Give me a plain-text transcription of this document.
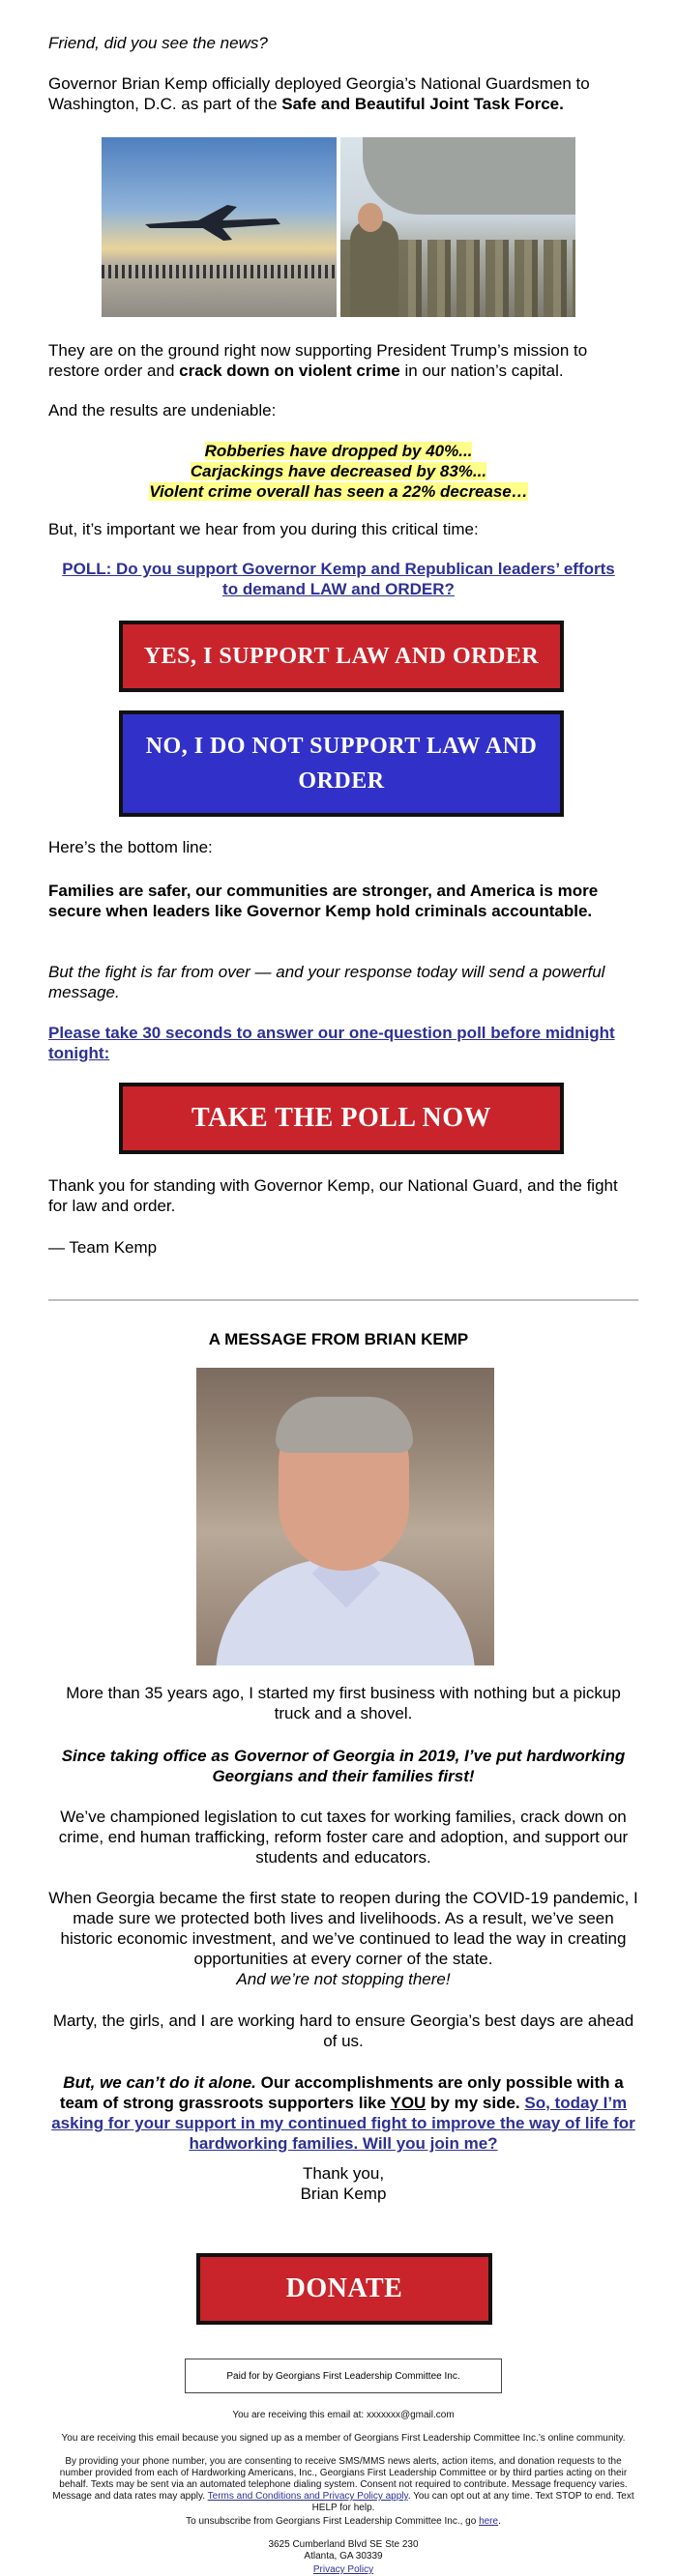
Friend, did you see the news?

Governor Brian Kemp officially deployed Georgia’s National Guardsmen to Washington, D.C. as part of the Safe and Beautiful Joint Task Force.

They are on the ground right now supporting President Trump’s mission to restore order and crack down on violent crime in our nation’s capital.

And the results are undeniable:

Robberies have dropped by 40%...
Carjackings have decreased by 83%...
Violent crime overall has seen a 22% decrease…

But, it’s important we hear from you during this critical time:

POLL: Do you support Governor Kemp and Republican leaders’ efforts to demand LAW and ORDER?
YES, I SUPPORT LAW AND ORDER
NO, I DO NOT SUPPORT LAW AND ORDER

Here’s the bottom line:

Families are safer, our communities are stronger, and America is more secure when leaders like Governor Kemp hold criminals accountable.

But the fight is far from over — and your response today will send a powerful message.

Please take 30 seconds to answer our one-question poll before midnight tonight:
TAKE THE POLL NOW

Thank you for standing with Governor Kemp, our National Guard, and the fight for law and order.

— Team Kemp

A MESSAGE FROM BRIAN KEMP

More than 35 years ago, I started my first business with nothing but a pickup truck and a shovel.

Since taking office as Governor of Georgia in 2019, I’ve put hardworking Georgians and their families first!

We’ve championed legislation to cut taxes for working families, crack down on crime, end human trafficking, reform foster care and adoption, and support our students and educators.

When Georgia became the first state to reopen during the COVID-19 pandemic, I made sure we protected both lives and livelihoods. As a result, we’ve seen historic economic investment, and we’ve continued to lead the way in creating opportunities at every corner of the state.

And we’re not stopping there!

Marty, the girls, and I are working hard to ensure Georgia’s best days are ahead of us.

But, we can’t do it alone. Our accomplishments are only possible with a team of strong grassroots supporters like YOU by my side. So, today I’m asking for your support in my continued fight to improve the way of life for hardworking families. Will you join me?

Thank you,
Brian Kemp

DONATE
Paid for by Georgians First Leadership Committee Inc.
You are receiving this email at: xxxxxxx@gmail.com
You are receiving this email because you signed up as a member of Georgians First Leadership Committee Inc.’s online community.
By providing your phone number, you are consenting to receive SMS/MMS news alerts, action items, and donation requests to the number provided from each of Hardworking Americans, Inc., Georgians First Leadership Committee or by third parties acting on their behalf. Texts may be sent via an automated telephone dialing system. Consent not required to contribute. Message frequency varies. Message and data rates may apply. Terms and Conditions and Privacy Policy apply. You can opt out at any time. Text STOP to end. Text HELP for help.
To unsubscribe from Georgians First Leadership Committee Inc., go here.
3625 Cumberland Blvd SE Ste 230
Atlanta, GA 30339
Privacy Policy
